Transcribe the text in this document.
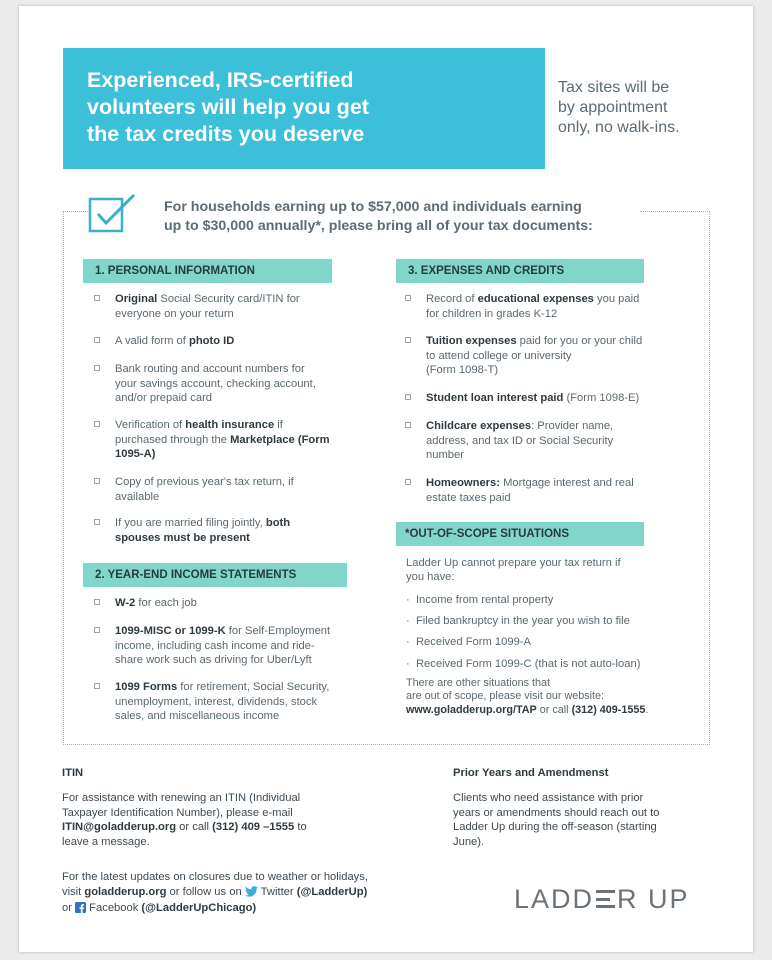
Experienced, IRS-certified
volunteers will help you get
the tax credits you deserve
Tax sites will be
by appointment
only, no walk-ins.
For households earning up to $57,000 and individuals earning
up to $30,000 annually*, please bring all of your tax documents:
1. PERSONAL INFORMATION
Original Social Security card/ITIN for
everyone on your return
A valid form of photo ID
Bank routing and account numbers for
your savings account, checking account,
and/or prepaid card
Verification of health insurance if
purchased through the Marketplace (Form
1095-A)
Copy of previous year's tax return, if
available
If you are married filing jointly, both
spouses must be present
2. YEAR-END INCOME STATEMENTS
W-2 for each job
1099-MISC or 1099-K for Self-Employment
income, including cash income and ride-
share work such as driving for Uber/Lyft
1099 Forms for retirement, Social Security,
unemployment, interest, dividends, stock
sales, and miscellaneous income
3. EXPENSES AND CREDITS
Record of educational expenses you paid
for children in grades K-12
Tuition expenses paid for you or your child
to attend college or university
(Form 1098-T)
Student loan interest paid (Form 1098-E)
Childcare expenses: Provider name,
address, and tax ID or Social Security
number
Homeowners: Mortgage interest and real
estate taxes paid
*OUT-OF-SCOPE SITUATIONS
Ladder Up cannot prepare your tax return if
you have:
·  Income from rental property
·  Filed bankruptcy in the year you wish to file
·  Received Form 1099-A
·  Received Form 1099-C (that is not auto-loan)
There are other situations that
are out of scope, please visit our website:
www.goladderup.org/TAP or call (312) 409-1555.
ITIN
For assistance with renewing an ITIN (Individual
Taxpayer Identification Number), please e-mail
ITIN@goladderup.org or call (312) 409 –1555 to
leave a message.
Prior Years and Amendmenst
Clients who need assistance with prior
years or amendments should reach out to
Ladder Up during the off-season (starting
June).
For the latest updates on closures due to weather or holidays,
visit goladderup.org or follow us on  Twitter (@LadderUp)
or  Facebook (@LadderUpChicago)	LADD R UP
